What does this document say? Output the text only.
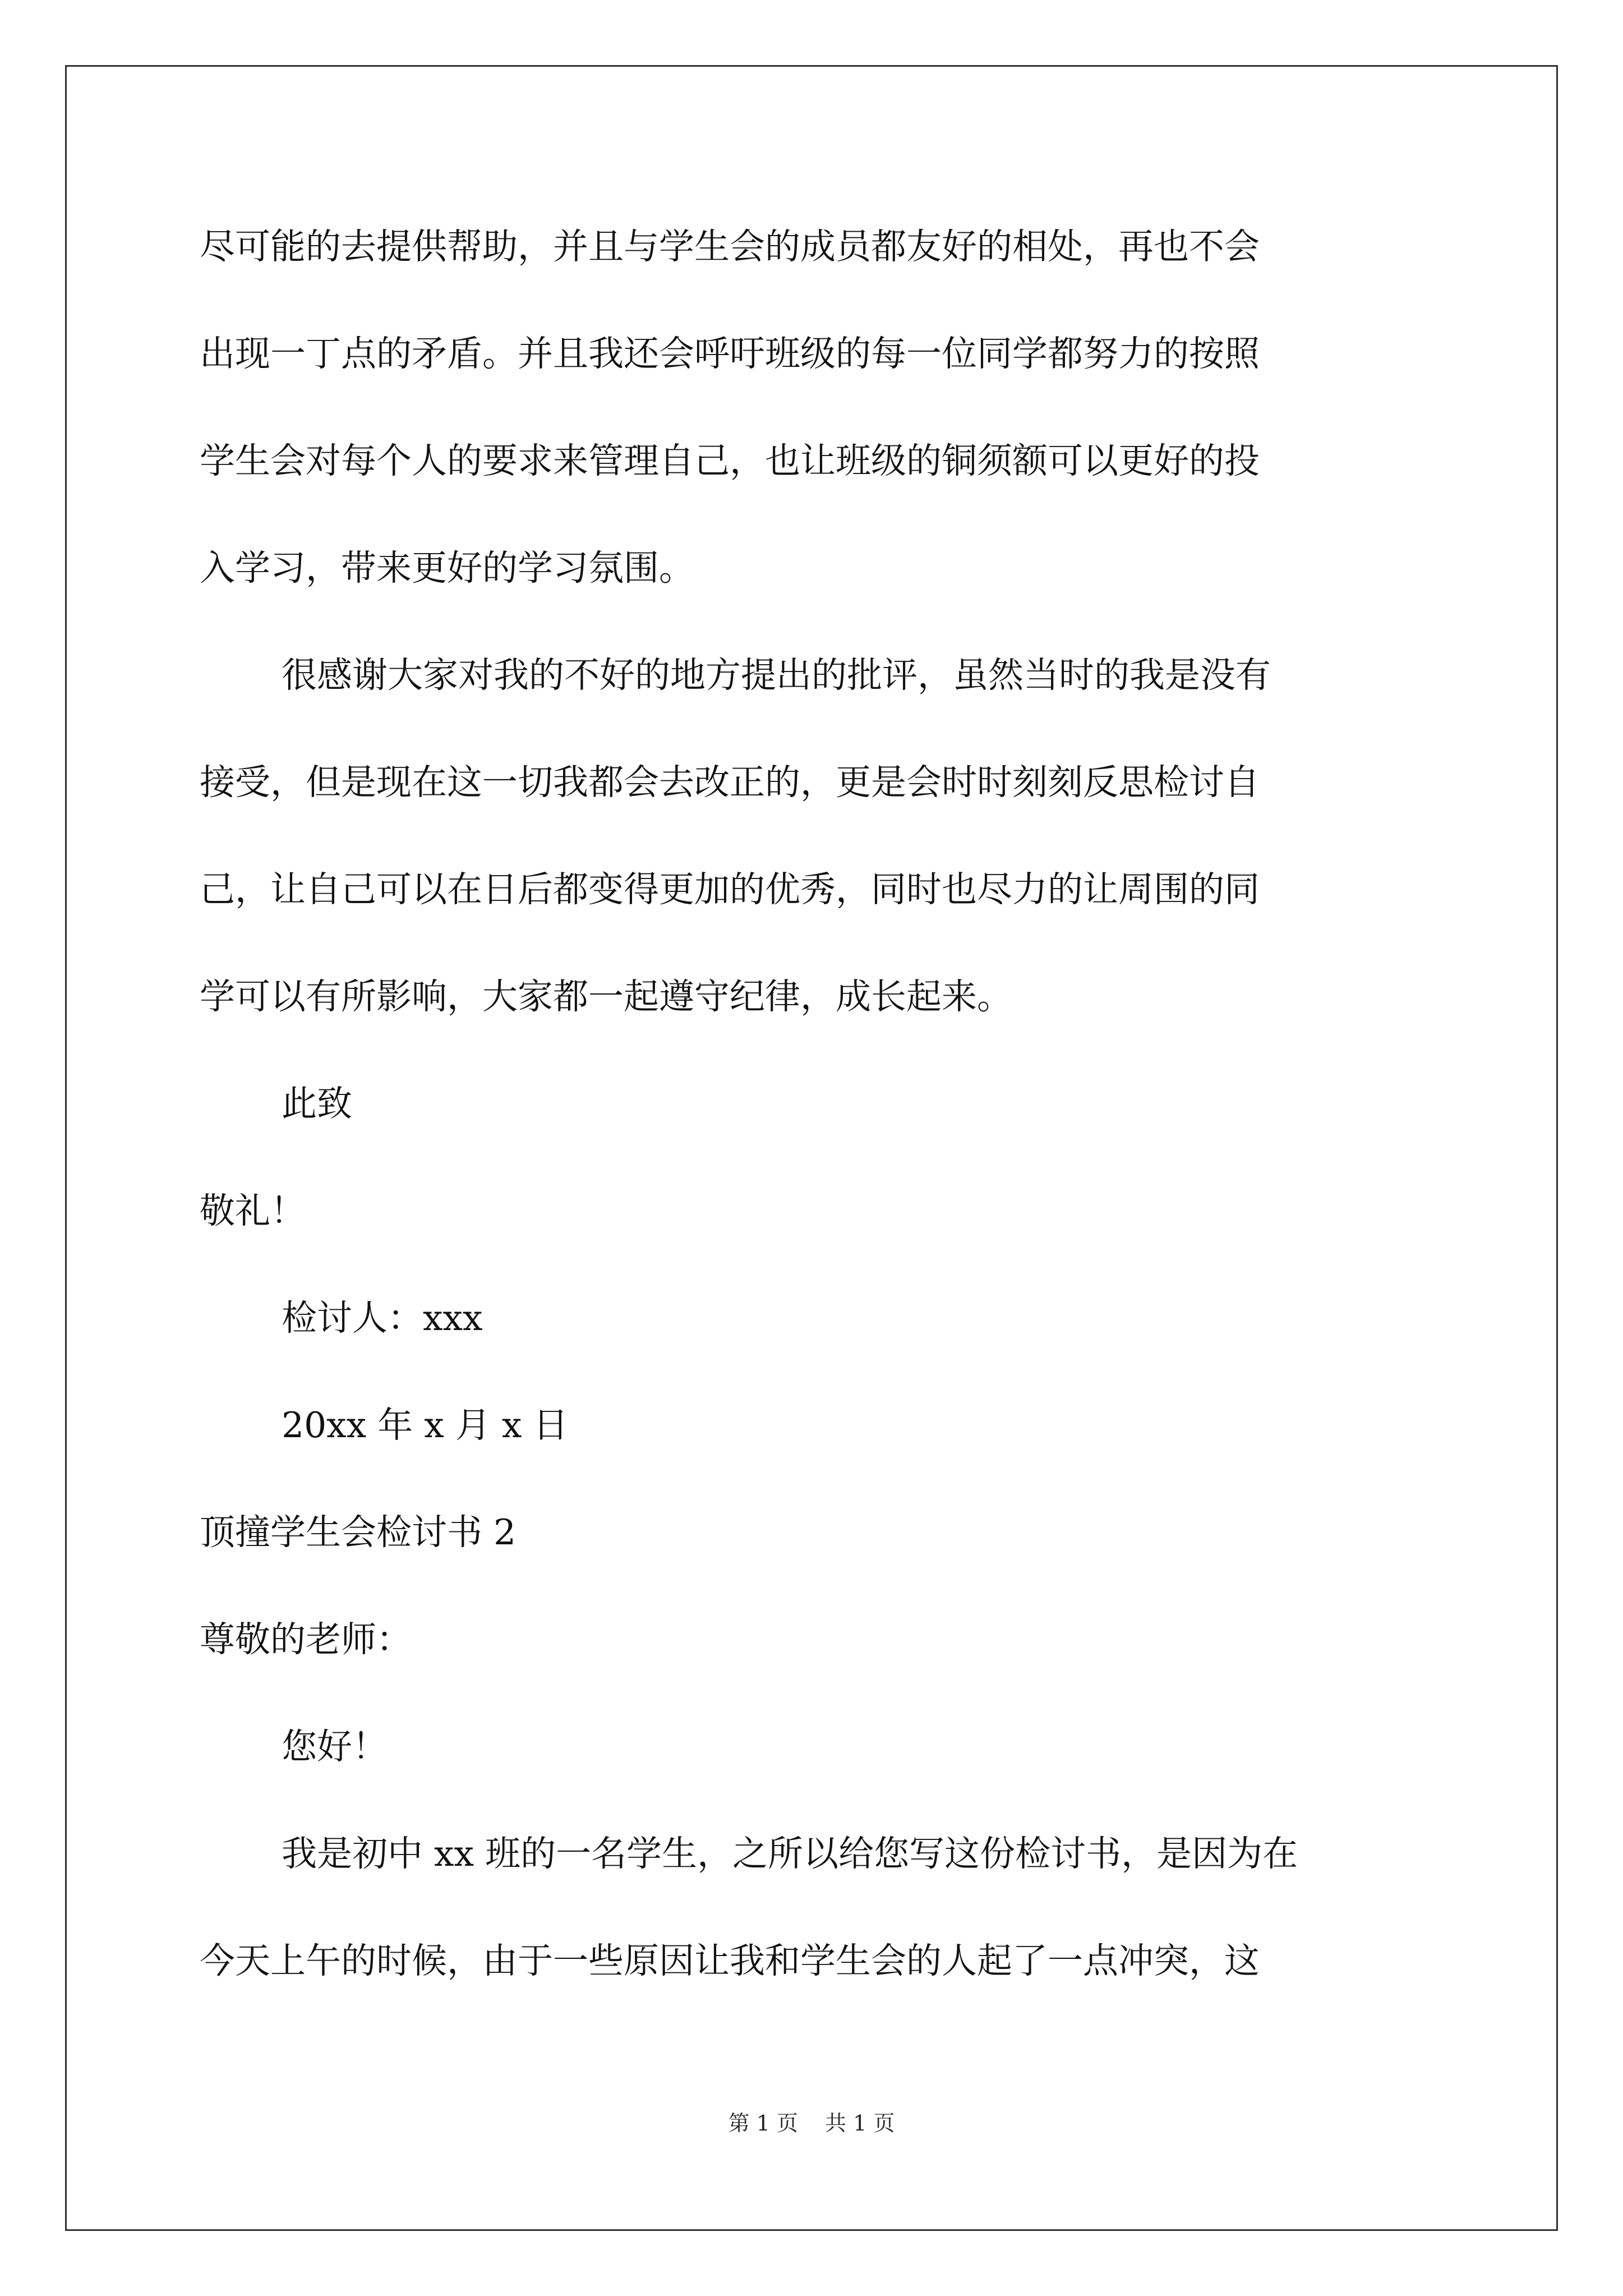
尽可能的去提供帮助，并且与学生会的成员都友好的相处，再也不会
出现一丁点的矛盾。并且我还会呼吁班级的每一位同学都努力的按照
学生会对每个人的要求来管理自己，也让班级的铜须额可以更好的投
入学习，带来更好的学习氛围。
很感谢大家对我的不好的地方提出的批评，虽然当时的我是没有
接受，但是现在这一切我都会去改正的，更是会时时刻刻反思检讨自
己，让自己可以在日后都变得更加的优秀，同时也尽力的让周围的同
学可以有所影响，大家都一起遵守纪律，成长起来。
此致
敬礼！
检讨人：xxx
20xx 年 x 月 x 日
顶撞学生会检讨书 2
尊敬的老师：
您好！
我是初中 xx 班的一名学生，之所以给您写这份检讨书，是因为在
今天上午的时候，由于一些原因让我和学生会的人起了一点冲突，这
第 1 页 共 1 页
